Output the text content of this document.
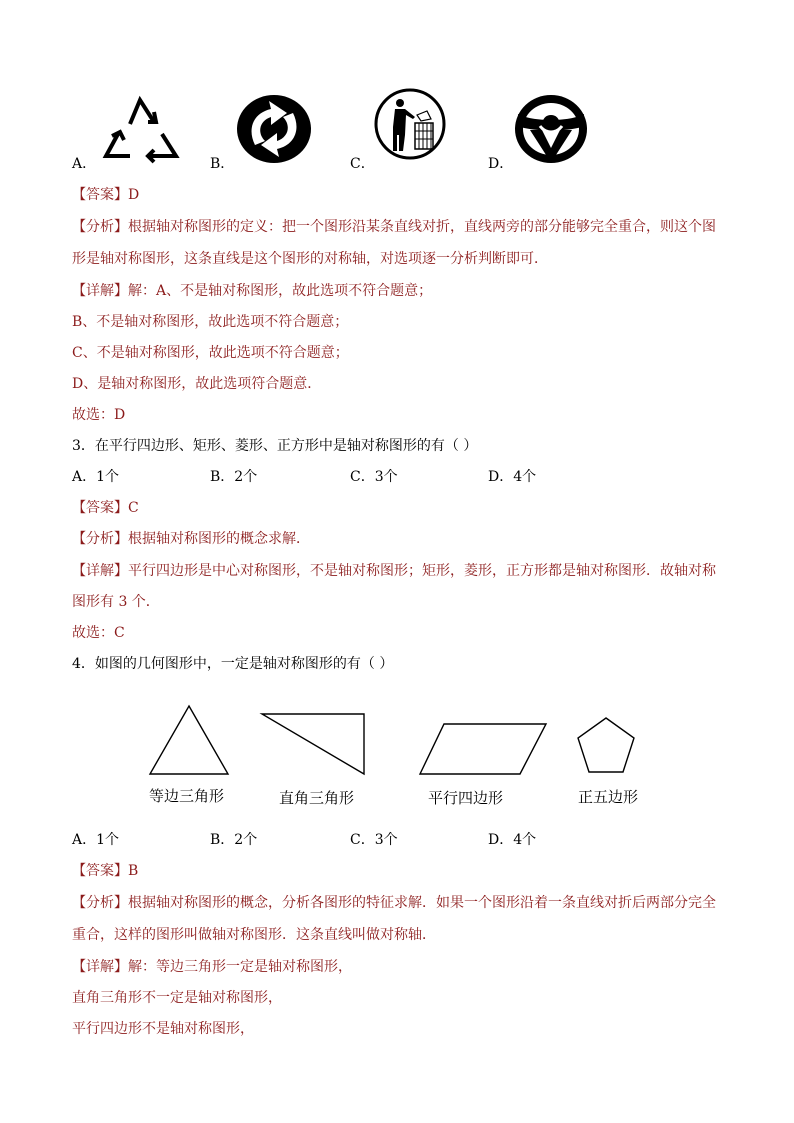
A．	B．	C．	D．
【答案】D
【分析】根据轴对称图形的定义：把一个图形沿某条直线对折，直线两旁的部分能够完全重合，则这个图
形是轴对称图形，这条直线是这个图形的对称轴，对选项逐一分析判断即可．
【详解】解：A、不是轴对称图形，故此选项不符合题意；
B、不是轴对称图形，故此选项不符合题意；
C、不是轴对称图形，故此选项不符合题意；
D、是轴对称图形，故此选项符合题意．
故选：D
3．在平行四边形、矩形、菱形、正方形中是轴对称图形的有（ ）
A．1个	B．2个	C．3个	D．4个
【答案】C
【分析】根据轴对称图形的概念求解．
【详解】平行四边形是中心对称图形，不是轴对称图形；矩形，菱形，正方形都是轴对称图形．故轴对称
图形有 3 个．
故选：C
4．如图的几何图形中，一定是轴对称图形的有（ ）
等边三角形	直角三角形	平行四边形	正五边形
A．1个	B．2个	C．3个	D．4个
【答案】B
【分析】根据轴对称图形的概念，分析各图形的特征求解．如果一个图形沿着一条直线对折后两部分完全
重合，这样的图形叫做轴对称图形．这条直线叫做对称轴．
【详解】解：等边三角形一定是轴对称图形，
直角三角形不一定是轴对称图形，
平行四边形不是轴对称图形，
